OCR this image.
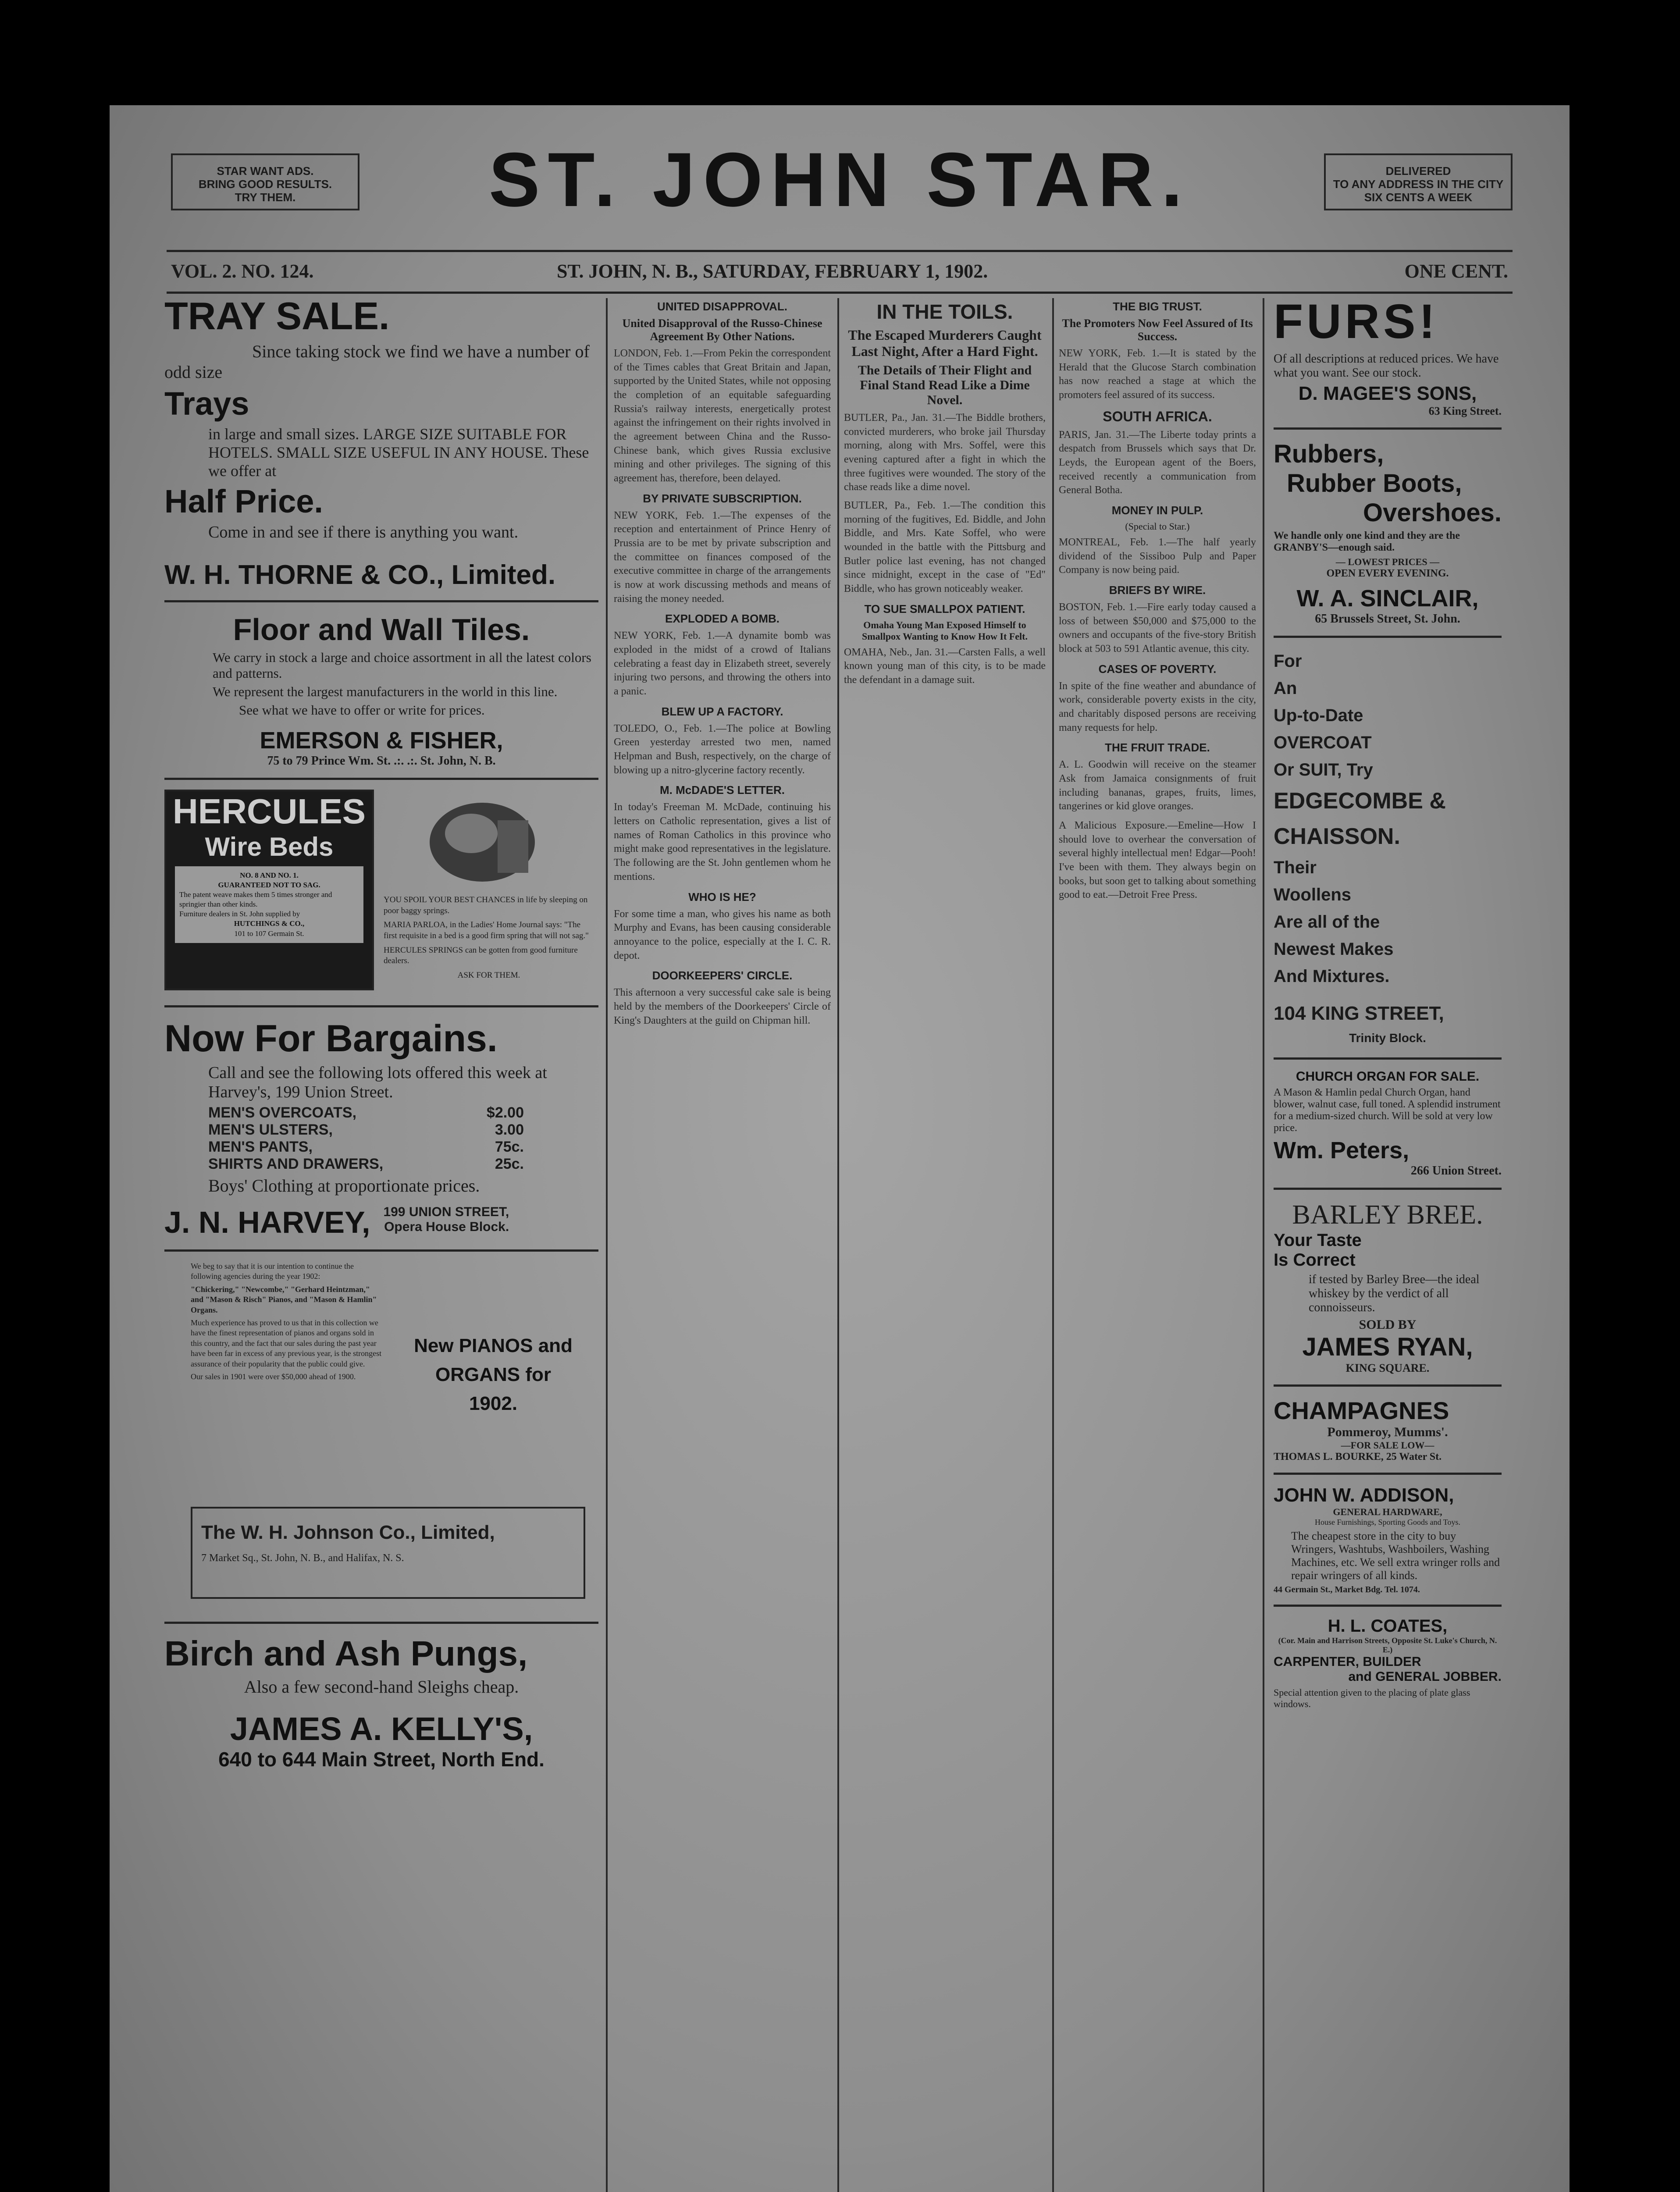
STAR WANT ADS.
BRING GOOD RESULTS.
TRY THEM.	ST. JOHN STAR.	DELIVERED
TO ANY ADDRESS IN THE CITY
SIX CENTS A WEEK
VOL. 2. NO. 124.	ST. JOHN, N. B., SATURDAY, FEBRUARY 1, 1902.	ONE CENT.
TRAY SALE.

Since taking stock we find we have a number of odd size

Trays

in large and small sizes. LARGE SIZE SUITABLE FOR HOTELS. SMALL SIZE USEFUL IN ANY HOUSE. These we offer at

Half Price.

Come in and see if there is anything you want.

W. H. THORNE & CO., Limited.
Floor and Wall Tiles.

We carry in stock a large and choice assortment in all the latest colors and patterns.

We represent the largest manufacturers in the world in this line.

See what we have to offer or write for prices.

EMERSON & FISHER,
75 to 79 Prince Wm. St. .:. .:. St. John, N. B.
HERCULES
Wire Beds
NO. 8 AND NO. 1.
GUARANTEED NOT TO SAG.
The patent weave makes them 5 times stronger and springier than other kinds.
Furniture dealers in St. John supplied by
HUTCHINGS & CO.,
101 to 107 Germain St.
YOU SPOIL YOUR BEST CHANCES in life by sleeping on poor baggy springs.
MARIA PARLOA, in the Ladies' Home Journal says: "The first requisite in a bed is a good firm spring that will not sag."
HERCULES SPRINGS can be gotten from good furniture dealers.
ASK FOR THEM.
Now For Bargains.

Call and see the following lots offered this week at Harvey's, 199 Union Street.

MEN'S OVERCOATS,	$2.00
MEN'S ULSTERS,	3.00
MEN'S PANTS,	75c.
SHIRTS AND DRAWERS,	25c.

Boys' Clothing at proportionate prices.

J. N. HARVEY, 199 UNION STREET,
Opera House Block.
We beg to say that it is our intention to continue the following agencies during the year 1902:
"Chickering," "Newcombe," "Gerhard Heintzman," and "Mason & Risch" Pianos, and "Mason & Hamlin" Organs.
Much experience has proved to us that in this collection we have the finest representation of pianos and organs sold in this country, and the fact that our sales during the past year have been far in excess of any previous year, is the strongest assurance of their popularity that the public could give.
Our sales in 1901 were over $50,000 ahead of 1900.
New PIANOS and ORGANS for 1902.
The W. H. Johnson Co., Limited,
7 Market Sq., St. John, N. B., and Halifax, N. S.
Birch and Ash Pungs,

Also a few second-hand Sleighs cheap.

JAMES A. KELLY'S,
640 to 644 Main Street, North End.
UNITED DISAPPROVAL.
United Disapproval of the Russo-Chinese Agreement By Other Nations.
LONDON, Feb. 1.—From Pekin the correspondent of the Times cables that Great Britain and Japan, supported by the United States, while not opposing the completion of an equitable safeguarding Russia's railway interests, energetically protest against the infringement on their rights involved in the agreement between China and the Russo-Chinese bank, which gives Russia exclusive mining and other privileges. The signing of this agreement has, therefore, been delayed.
BY PRIVATE SUBSCRIPTION.
NEW YORK, Feb. 1.—The expenses of the reception and entertainment of Prince Henry of Prussia are to be met by private subscription and the committee on finances composed of the executive committee in charge of the arrangements is now at work discussing methods and means of raising the money needed.
EXPLODED A BOMB.
NEW YORK, Feb. 1.—A dynamite bomb was exploded in the midst of a crowd of Italians celebrating a feast day in Elizabeth street, severely injuring two persons, and throwing the others into a panic.
BLEW UP A FACTORY.
TOLEDO, O., Feb. 1.—The police at Bowling Green yesterday arrested two men, named Helpman and Bush, respectively, on the charge of blowing up a nitro-glycerine factory recently.
M. McDADE'S LETTER.
In today's Freeman M. McDade, continuing his letters on Catholic representation, gives a list of names of Roman Catholics in this province who might make good representatives in the legislature. The following are the St. John gentlemen whom he mentions.
WHO IS HE?
For some time a man, who gives his name as both Murphy and Evans, has been causing considerable annoyance to the police, especially at the I. C. R. depot.
DOORKEEPERS' CIRCLE.
This afternoon a very successful cake sale is being held by the members of the Doorkeepers' Circle of King's Daughters at the guild on Chipman hill.
IN THE TOILS.
The Escaped Murderers Caught Last Night, After a Hard Fight.
The Details of Their Flight and Final Stand Read Like a Dime Novel.
BUTLER, Pa., Jan. 31.—The Biddle brothers, convicted murderers, who broke jail Thursday morning, along with Mrs. Soffel, were this evening captured after a fight in which the three fugitives were wounded. The story of the chase reads like a dime novel.
BUTLER, Pa., Feb. 1.—The condition this morning of the fugitives, Ed. Biddle, and John Biddle, and Mrs. Kate Soffel, who were wounded in the battle with the Pittsburg and Butler police last evening, has not changed since midnight, except in the case of "Ed" Biddle, who has grown noticeably weaker.
TO SUE SMALLPOX PATIENT.
Omaha Young Man Exposed Himself to Smallpox Wanting to Know How It Felt.
OMAHA, Neb., Jan. 31.—Carsten Falls, a well known young man of this city, is to be made the defendant in a damage suit.
THE BIG TRUST.
The Promoters Now Feel Assured of Its Success.
NEW YORK, Feb. 1.—It is stated by the Herald that the Glucose Starch combination has now reached a stage at which the promoters feel assured of its success.
SOUTH AFRICA.
PARIS, Jan. 31.—The Liberte today prints a despatch from Brussels which says that Dr. Leyds, the European agent of the Boers, received recently a communication from General Botha.
MONEY IN PULP.
(Special to Star.)
MONTREAL, Feb. 1.—The half yearly dividend of the Sissiboo Pulp and Paper Company is now being paid.
BRIEFS BY WIRE.
BOSTON, Feb. 1.—Fire early today caused a loss of between $50,000 and $75,000 to the owners and occupants of the five-story British block at 503 to 591 Atlantic avenue, this city.
CASES OF POVERTY.
In spite of the fine weather and abundance of work, considerable poverty exists in the city, and charitably disposed persons are receiving many requests for help.
THE FRUIT TRADE.
A. L. Goodwin will receive on the steamer Ask from Jamaica consignments of fruit including bananas, grapes, fruits, limes, tangerines or kid glove oranges.
A Malicious Exposure.—Emeline—How I should love to overhear the conversation of several highly intellectual men! Edgar—Pooh! I've been with them. They always begin on books, but soon get to talking about something good to eat.—Detroit Free Press.
FURS!

Of all descriptions at reduced prices. We have what you want. See our stock.

D. MAGEE'S SONS,
63 King Street.
Rubbers,
Rubber Boots,
Overshoes.

We handle only one kind and they are the GRANBY'S—enough said.

— LOWEST PRICES —
OPEN EVERY EVENING.
W. A. SINCLAIR,
65 Brussels Street, St. John.
For
An
Up-to-Date
OVERCOAT
Or SUIT, Try
EDGECOMBE &
CHAISSON.
Their
Woollens
Are all of the
Newest Makes
And Mixtures.
104 KING STREET,
Trinity Block.
CHURCH ORGAN FOR SALE.

A Mason & Hamlin pedal Church Organ, hand blower, walnut case, full toned. A splendid instrument for a medium-sized church. Will be sold at very low price.

Wm. Peters,
266 Union Street.
BARLEY BREE.
Your Taste
Is Correct

if tested by Barley Bree—the ideal whiskey by the verdict of all connoisseurs.

SOLD BY
JAMES RYAN,
KING SQUARE.
CHAMPAGNES
Pommeroy, Mumms'.
—FOR SALE LOW—
THOMAS L. BOURKE, 25 Water St.
JOHN W. ADDISON,
GENERAL HARDWARE,
House Furnishings, Sporting Goods and Toys.

The cheapest store in the city to buy Wringers, Washtubs, Washboilers, Washing Machines, etc. We sell extra wringer rolls and repair wringers of all kinds.

44 Germain St., Market Bdg. Tel. 1074.
H. L. COATES,
(Cor. Main and Harrison Streets, Opposite St. Luke's Church, N. E.)
CARPENTER, BUILDER
and GENERAL JOBBER.

Special attention given to the placing of plate glass windows.
